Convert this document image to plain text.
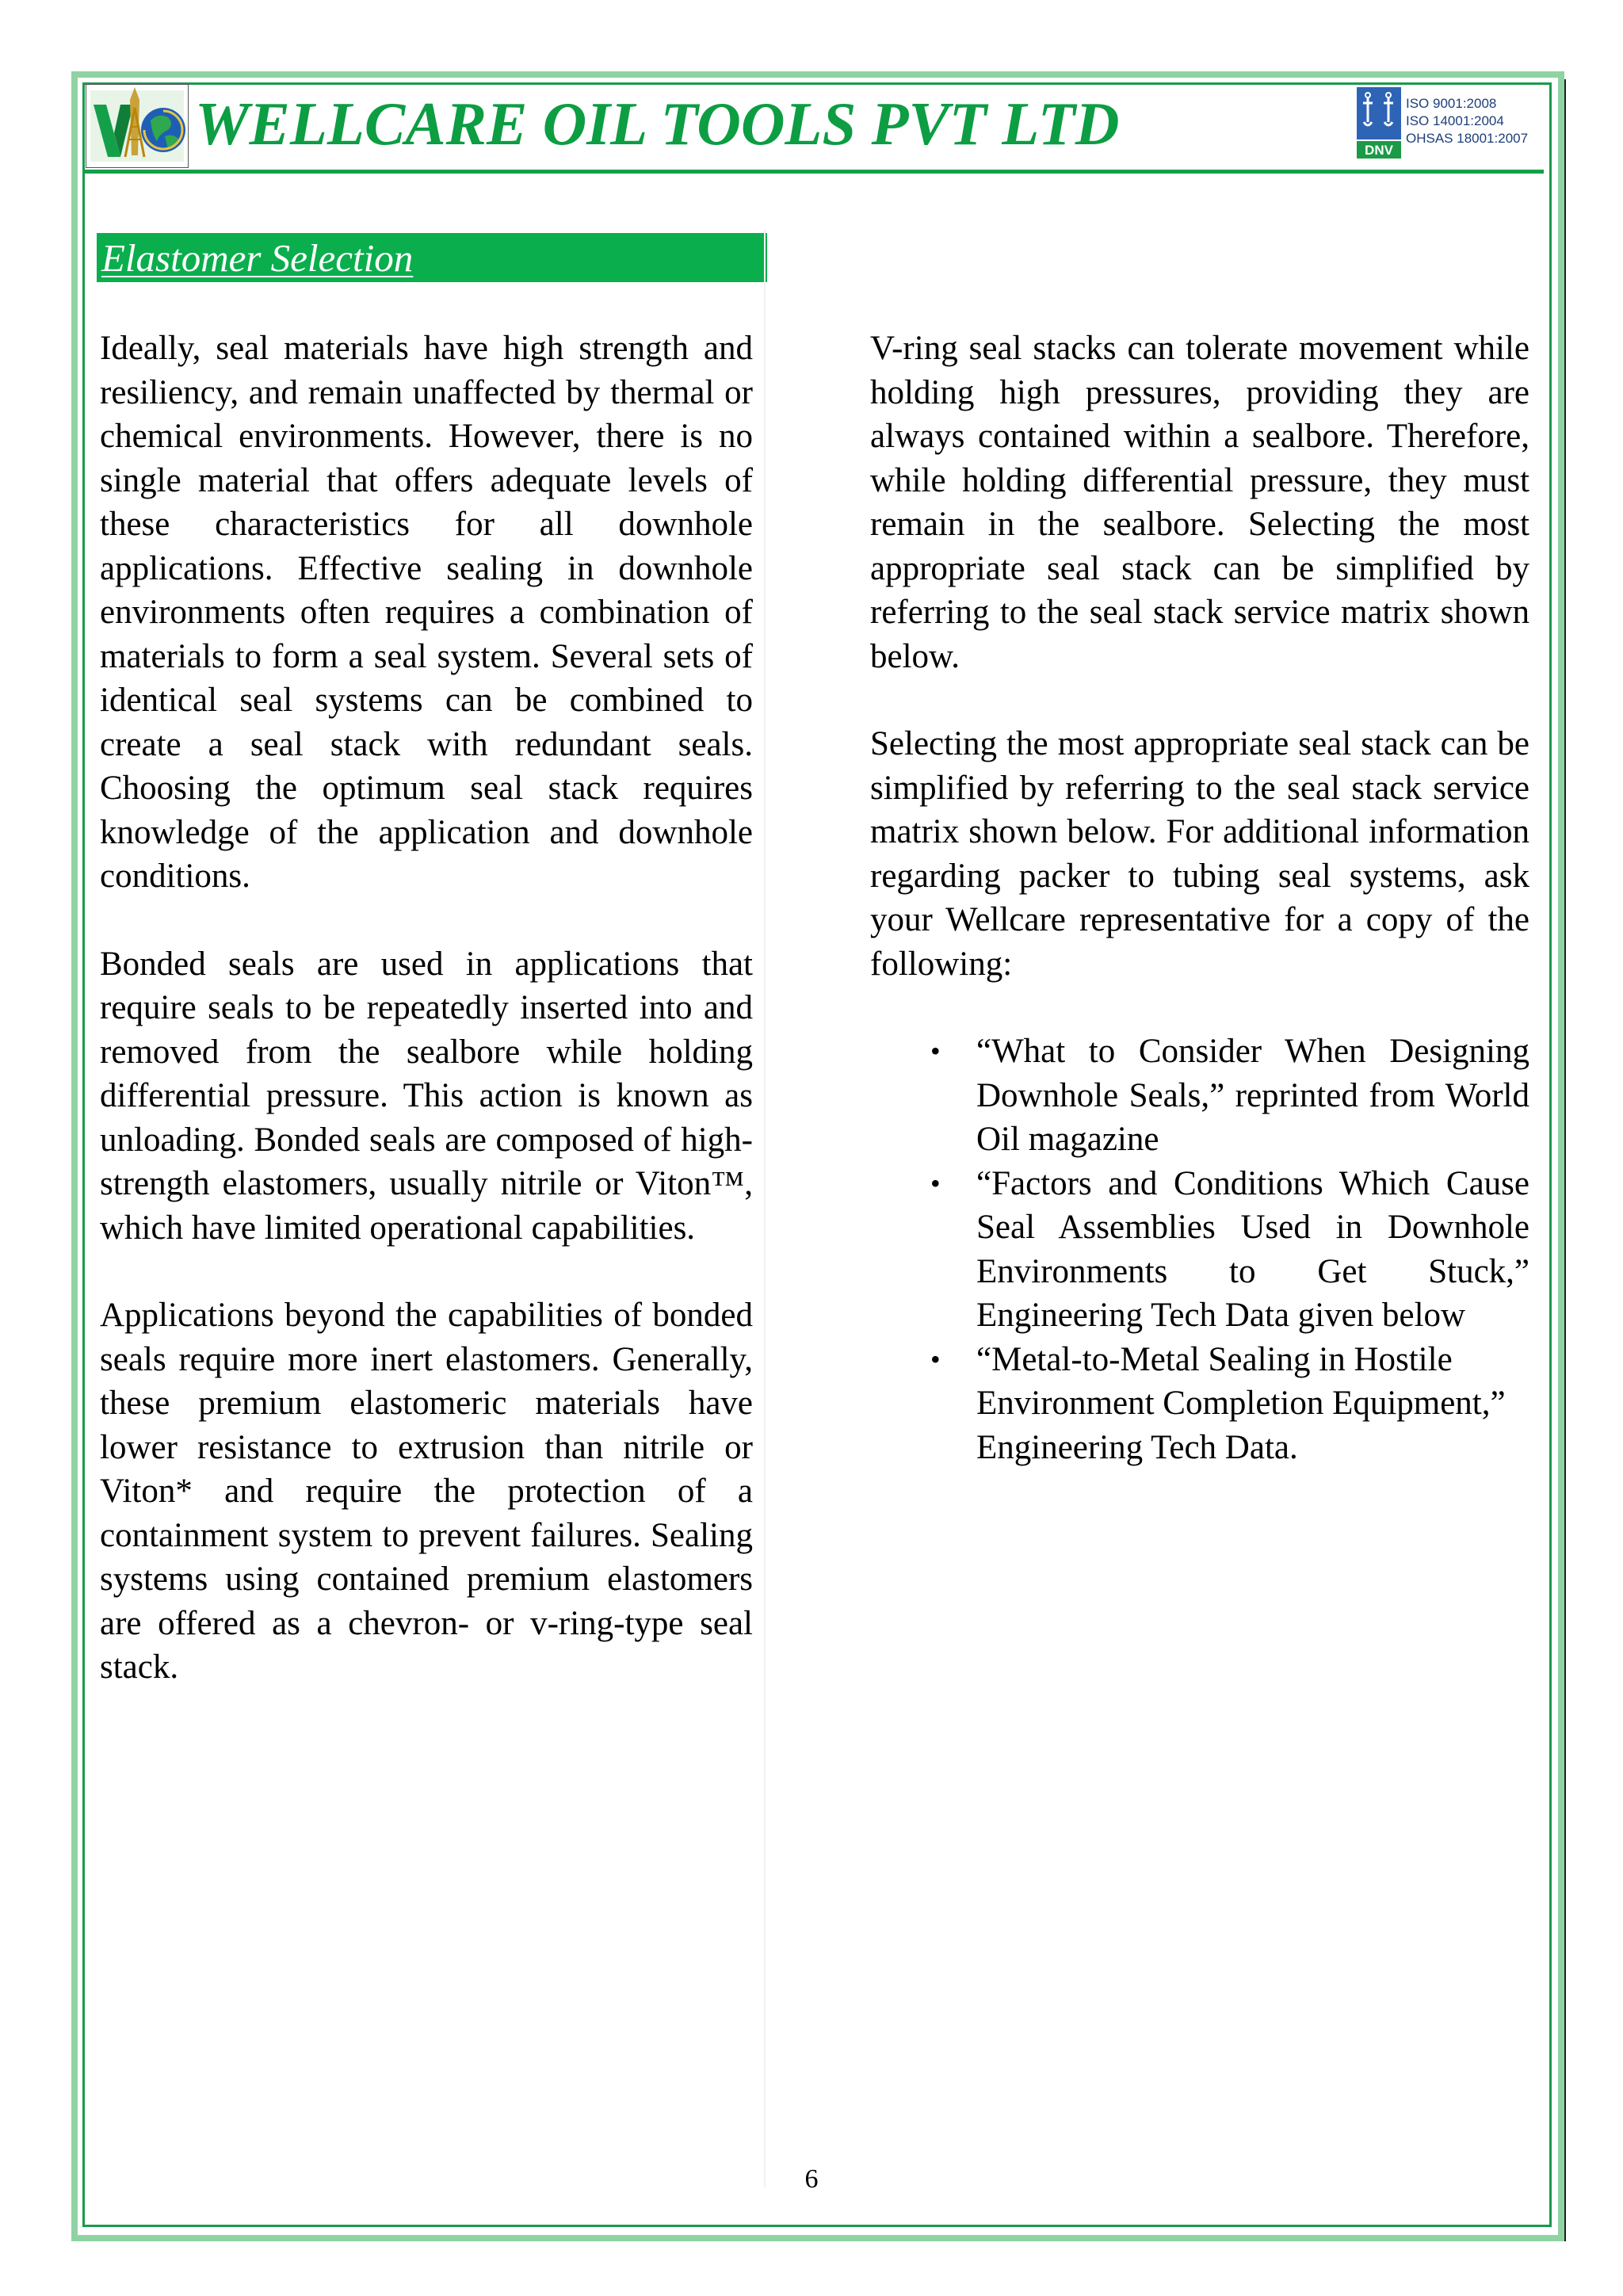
WELLCARE OIL TOOLS PVT LTD	DNV
ISO 9001:2008
ISO 14001:2004
OHSAS 18001:2007
Elastomer Selection

Ideally, seal materials have high strength and resiliency, and remain unaffected by thermal or chemical environments. However, there is no single material that offers adequate levels of these characteristics for all downhole applications. Effective sealing in downhole environments often requires a combination of materials to form a seal system. Several sets of identical seal systems can be combined to create a seal stack with redundant seals. Choosing the optimum seal stack requires knowledge of the application and downhole conditions.

Bonded seals are used in applications that require seals to be repeatedly inserted into and removed from the sealbore while holding differential pressure. This action is known as unloading. Bonded seals are composed of high-strength elastomers, usually nitrile or Viton™, which have limited operational capabilities.

Applications beyond the capabilities of bonded seals require more inert elastomers. Generally, these premium elastomeric materials have lower resistance to extrusion than nitrile or Viton* and require the protection of a containment system to prevent failures. Sealing systems using contained premium elastomers are offered as a chevron- or v-ring-type seal stack.

V-ring seal stacks can tolerate movement while holding high pressures, providing they are always contained within a sealbore. Therefore, while holding differential pressure, they must remain in the sealbore. Selecting the most appropriate seal stack can be simplified by referring to the seal stack service matrix shown below.

Selecting the most appropriate seal stack can be simplified by referring to the seal stack service matrix shown below. For additional information regarding packer to tubing seal systems, ask your Wellcare representative for a copy of the following:

• “What to Consider When Designing Downhole Seals,” reprinted from World Oil magazine
• “Factors and Conditions Which Cause Seal Assemblies Used in Downhole Environments to Get Stuck,” Engineering Tech Data given below
• “Metal-to-Metal Sealing in Hostile Environment Completion Equipment,” Engineering Tech Data.

6
